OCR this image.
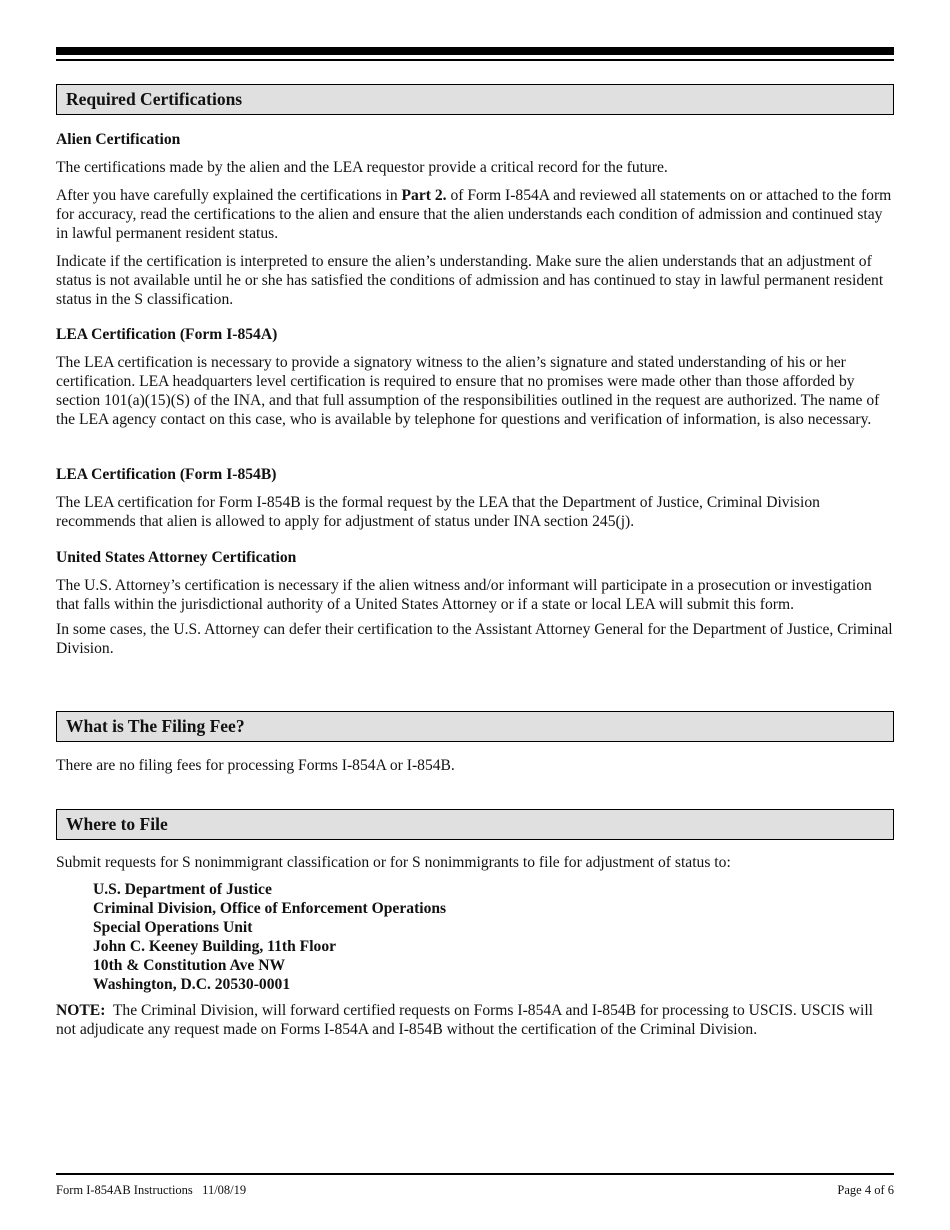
Required Certifications
Alien Certification

The certifications made by the alien and the LEA requestor provide a critical record for the future.

After you have carefully explained the certifications in Part 2. of Form I-854A and reviewed all statements on or attached to the form for accuracy, read the certifications to the alien and ensure that the alien understands each condition of admission and continued stay in lawful permanent resident status.

Indicate if the certification is interpreted to ensure the alien’s understanding. Make sure the alien understands that an adjustment of status is not available until he or she has satisfied the conditions of admission and has continued to stay in lawful permanent resident status in the S classification.

LEA Certification (Form I-854A)

The LEA certification is necessary to provide a signatory witness to the alien’s signature and stated understanding of his or her certification. LEA headquarters level certification is required to ensure that no promises were made other than those afforded by section 101(a)(15)(S) of the INA, and that full assumption of the responsibilities outlined in the request are authorized. The name of the LEA agency contact on this case, who is available by telephone for questions and verification of information, is also necessary.

LEA Certification (Form I-854B)

The LEA certification for Form I-854B is the formal request by the LEA that the Department of Justice, Criminal Division recommends that alien is allowed to apply for adjustment of status under INA section 245(j).

United States Attorney Certification

The U.S. Attorney’s certification is necessary if the alien witness and/or informant will participate in a prosecution or investigation that falls within the jurisdictional authority of a United States Attorney or if a state or local LEA will submit this form.

In some cases, the U.S. Attorney can defer their certification to the Assistant Attorney General for the Department of Justice, Criminal Division.

What is The Filing Fee?
There are no filing fees for processing Forms I-854A or I-854B.
Where to File
Submit requests for S nonimmigrant classification or for S nonimmigrants to file for adjustment of status to:
U.S. Department of Justice
Criminal Division, Office of Enforcement Operations
Special Operations Unit
John C. Keeney Building, 11th Floor
10th & Constitution Ave NW
Washington, D.C. 20530-0001
NOTE:  The Criminal Division, will forward certified requests on Forms I-854A and I-854B for processing to USCIS. USCIS will not adjudicate any request made on Forms I-854A and I-854B without the certification of the Criminal Division.
Form I-854AB Instructions   11/08/19	Page 4 of 6
